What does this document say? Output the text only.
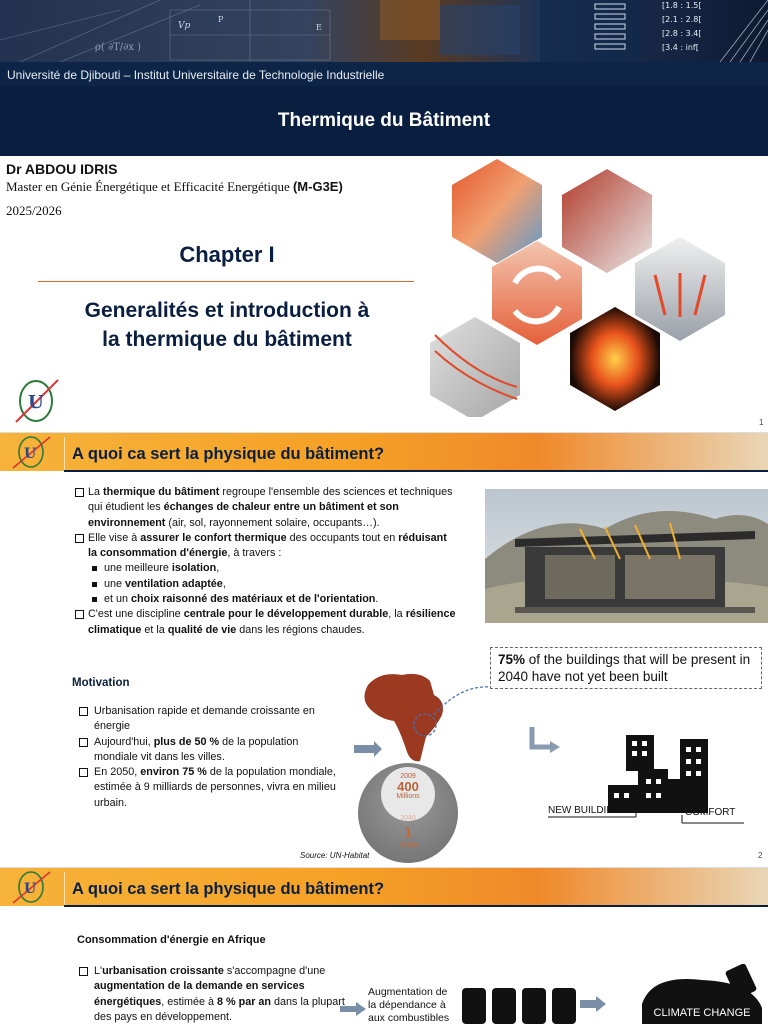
Vp
P
E
ρ( ∂T/∂x )
[1.8 : 1.5[
[2.1 : 2.8[
[2.8 : 3.4[
[3.4 : inf[
Université de Djibouti – Institut Universitaire de Technologie Industrielle
Thermique du Bâtiment
Dr ABDOU IDRIS
Master en Génie Énergétique et Efficacité Energétique (M-G3E)
2025/2026
Chapter I
Generalités et introduction à
la thermique du bâtiment
U
1
U A quoi ca sert la physique du bâtiment?

La thermique du bâtiment regroupe l'ensemble des sciences et techniques qui étudient les échanges de chaleur entre un bâtiment et son environnement (air, sol, rayonnement solaire, occupants…).

Elle vise à assurer le confort thermique des occupants tout en réduisant la consommation d'énergie, à travers :

une meilleure isolation,
une ventilation adaptée,
et un choix raisonné des matériaux et de l'orientation.

C'est une discipline centrale pour le développement durable, la résilience climatique et la qualité de vie dans les régions chaudes.

Motivation

Urbanisation rapide et demande croissante en énergie

Aujourd'hui, plus de 50 % de la population mondiale vit dans les villes.

En 2050, environ 75 % de la population mondiale, estimée à 9 milliards de personnes, vivra en milieu urbain.

75% of the buildings that will be present in 2040 have not yet been built
2009
400
Millions
2040
1
Billion
Source: UN-Habitat
NEW BUILDINGS	COMFORT
2
U A quoi ca sert la physique du bâtiment?
Consommation d'énergie en Afrique

L'urbanisation croissante s'accompagne d'une augmentation de la demande en services énergétiques, estimée à 8 % par an dans la plupart des pays en développement.

Augmentation de la dépendance à aux combustibles	CLIMATE CHANGE
